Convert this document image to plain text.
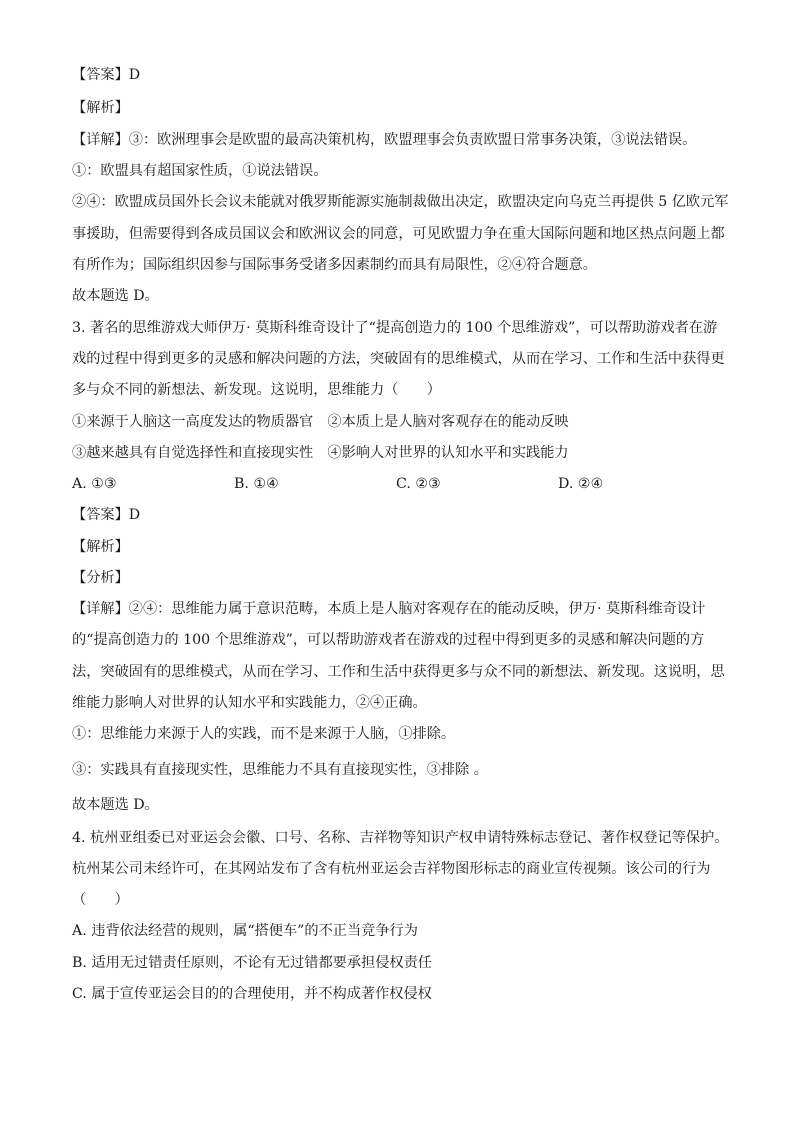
【答案】D
【解析】
【详解】③：欧洲理事会是欧盟的最高决策机构，欧盟理事会负责欧盟日常事务决策，③说法错误。
①：欧盟具有超国家性质，①说法错误。
②④：欧盟成员国外长会议未能就对俄罗斯能源实施制裁做出决定，欧盟决定向乌克兰再提供 5 亿欧元军
事援助，但需要得到各成员国议会和欧洲议会的同意，可见欧盟力争在重大国际问题和地区热点问题上都
有所作为；国际组织因参与国际事务受诸多因素制约而具有局限性，②④符合题意。
故本题选 D。
3. 著名的思维游戏大师伊万· 莫斯科维奇设计了“提高创造力的 100 个思维游戏”，可以帮助游戏者在游
戏的过程中得到更多的灵感和解决问题的方法，突破固有的思维模式，从而在学习、工作和生活中获得更
多与众不同的新想法、新发现。这说明，思维能力（　　）
①来源于人脑这一高度发达的物质器官　②本质上是人脑对客观存在的能动反映
③越来越具有自觉选择性和直接现实性　④影响人对世界的认知水平和实践能力
A. ①③	B. ①④	C. ②③	D. ②④
【答案】D
【解析】
【分析】
【详解】②④：思维能力属于意识范畴，本质上是人脑对客观存在的能动反映，伊万· 莫斯科维奇设计
的“提高创造力的 100 个思维游戏”，可以帮助游戏者在游戏的过程中得到更多的灵感和解决问题的方
法，突破固有的思维模式，从而在学习、工作和生活中获得更多与众不同的新想法、新发现。这说明，思
维能力影响人对世界的认知水平和实践能力，②④正确。
①：思维能力来源于人的实践，而不是来源于人脑，①排除。
③：实践具有直接现实性，思维能力不具有直接现实性，③排除 。
故本题选 D。
4. 杭州亚组委已对亚运会会徽、口号、名称、吉祥物等知识产权申请特殊标志登记、著作权登记等保护。
杭州某公司未经许可，在其网站发布了含有杭州亚运会吉祥物图形标志的商业宣传视频。该公司的行为
（　　）
A. 违背依法经营的规则，属“搭便车”的不正当竞争行为
B. 适用无过错责任原则，不论有无过错都要承担侵权责任
C. 属于宣传亚运会目的的合理使用，并不构成著作权侵权
